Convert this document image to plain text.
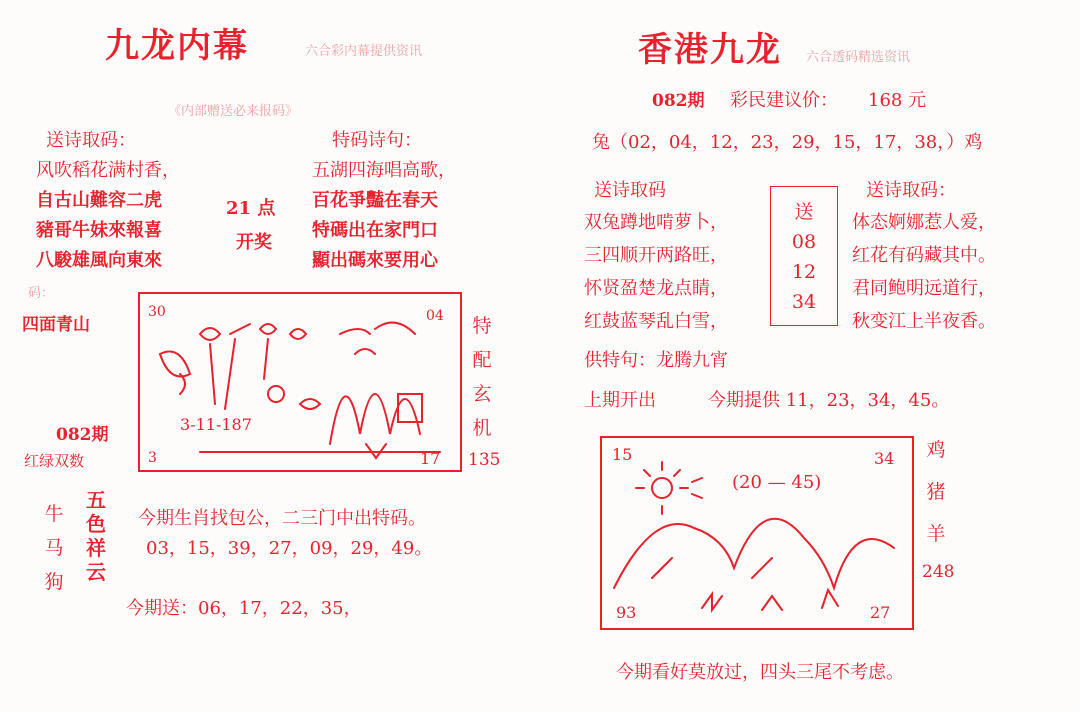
九龙内幕	六合彩内幕提供资讯
《内部赠送必来报码》
送诗取码：
风吹稻花满村香，
自古山難容二虎
豬哥牛妹來報喜
八駿雄風向東來
特码诗句：
五湖四海唱高歌，
百花爭豔在春天
特碼出在家門口
顯出碼來要用心
21 点
开奖
码：
四面青山
082期
红绿双数
30	04
3	17
3-11-187
特
配
玄
机
135
牛
马
狗
五
色
祥
云
今期生肖找包公，二三门中出特码。
03，15，39，27，09，29，49。
今期送：06，17，22，35，
香港九龙 六合透码精选资讯
082期 彩民建议价： 168 元
兔（02，04，12，23，29，15，17，38，）鸡
送诗取码
双兔蹲地啃萝卜，
三四顺开两路旺，
怀贤盈楚龙点睛，
红鼓蓝琴乱白雪，
送
08
12
34
送诗取码：
体态婀娜惹人爱，
红花有码藏其中。
君同鲍明远道行，
秋变江上半夜香。
供特句：龙腾九宵
上期开出	今期提供 11，23，34，45。
15	34
(20 — 45)
93	27
鸡
猪
羊
248
今期看好莫放过，四头三尾不考虑。
